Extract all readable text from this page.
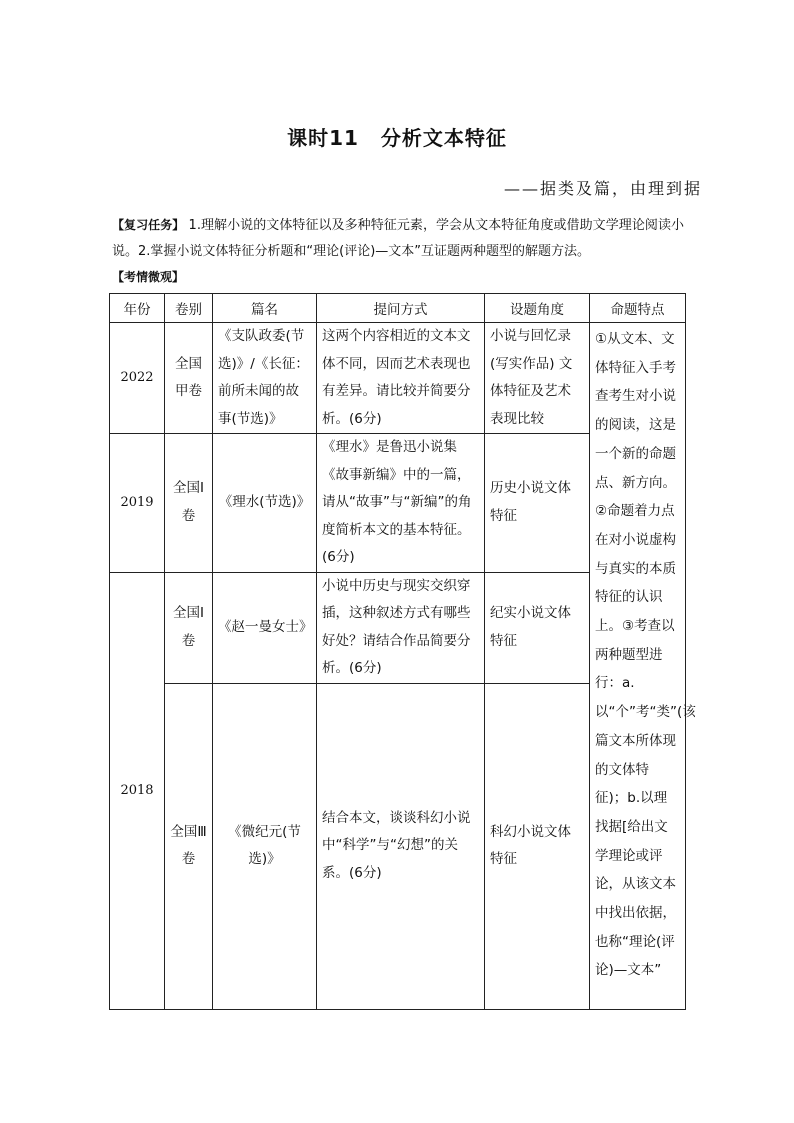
课时11 分析文本特征
——据类及篇，由理到据
【复习任务】 1.理解小说的文体特征以及多种特征元素，学会从文本特征角度或借助文学理论阅读小说。2.掌握小说文体特征分析题和“理论(评论)—文本”互证题两种题型的解题方法。
【考情微观】
年份	卷别	篇名	提问方式	设题角度	命题特点
2022	全国甲卷	《支队政委(节选)》/《长征：前所未闻的故事(节选)》	这两个内容相近的文本文体不同，因而艺术表现也有差异。请比较并简要分析。(6分)	小说与回忆录(写实作品) 文体特征及艺术表现比较	①从文本、文体特征入手考查考生对小说的阅读，这是一个新的命题点、新方向。②命题着力点在对小说虚构与真实的本质特征的认识上。③考查以两种题型进行：a.以“个”考“类”(该篇文本所体现的文体特征)；b.以理找据[给出文学理论或评论，从该文本中找出依据，也称“理论(评论)—文本”
2019	全国Ⅰ卷	《理水(节选)》	《理水》是鲁迅小说集《故事新编》中的一篇，请从“故事”与“新编”的角度简析本文的基本特征。(6分)	历史小说文体特征	
2018	全国Ⅰ卷	《赵一曼女士》	小说中历史与现实交织穿插，这种叙述方式有哪些好处？请结合作品简要分析。(6分)	纪实小说文体特征	
	全国Ⅲ卷	《微纪元(节选)》	结合本文，谈谈科幻小说中“科学”与“幻想”的关系。(6分)	科幻小说文体特征	
